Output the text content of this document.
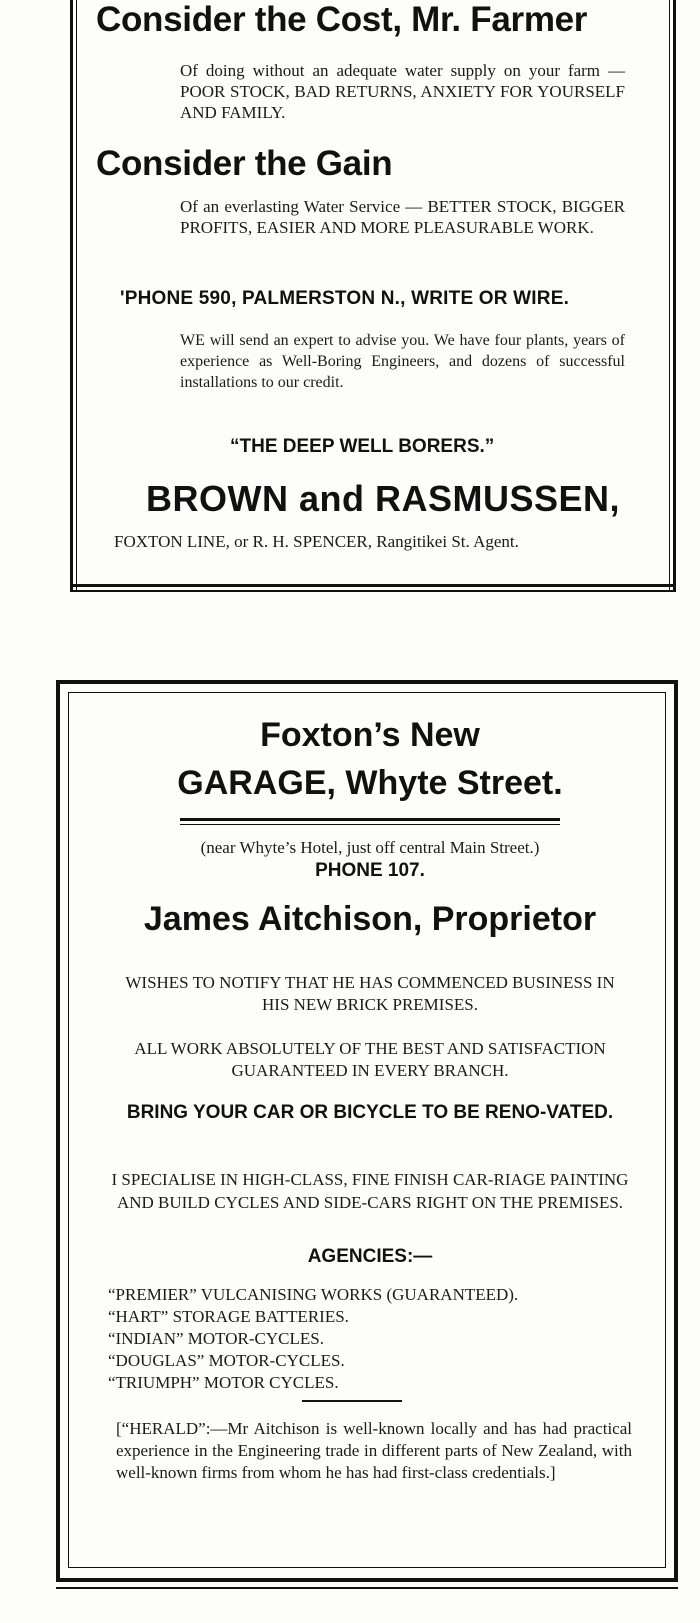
Consider the Cost, Mr. Farmer
Of doing without an adequate water supply on your farm — POOR STOCK, BAD RETURNS, ANXIETY FOR YOURSELF AND FAMILY.
Consider the Gain
Of an everlasting Water Service — BETTER STOCK, BIGGER PROFITS, EASIER AND MORE PLEASURABLE WORK.
'PHONE 590, PALMERSTON N., WRITE OR WIRE.
WE will send an expert to advise you. We have four plants, years of experience as Well-Boring Engineers, and dozens of successful installations to our credit.
“THE DEEP WELL BORERS.”
BROWN and RASMUSSEN,
FOXTON LINE, or R. H. SPENCER, Rangitikei St. Agent.
Foxton’s New
GARAGE, Whyte Street.
(near Whyte’s Hotel, just off central Main Street.)
PHONE 107.
James Aitchison, Proprietor
WISHES TO NOTIFY THAT HE HAS COMMENCED BUSINESS IN HIS NEW BRICK PREMISES.
ALL WORK ABSOLUTELY OF THE BEST AND SATISFACTION GUARANTEED IN EVERY BRANCH.
BRING YOUR CAR OR BICYCLE TO BE RENO-VATED.
I SPECIALISE IN HIGH-CLASS, FINE FINISH CAR-RIAGE PAINTING AND BUILD CYCLES AND SIDE-CARS RIGHT ON THE PREMISES.
AGENCIES:—
“PREMIER” VULCANISING WORKS (GUARANTEED).
“HART” STORAGE BATTERIES.
“INDIAN” MOTOR-CYCLES.
“DOUGLAS” MOTOR-CYCLES.
“TRIUMPH” MOTOR CYCLES.
[“HERALD”:—Mr Aitchison is well-known locally and has had practical experience in the Engineering trade in different parts of New Zealand, with well-known firms from whom he has had first-class credentials.]
